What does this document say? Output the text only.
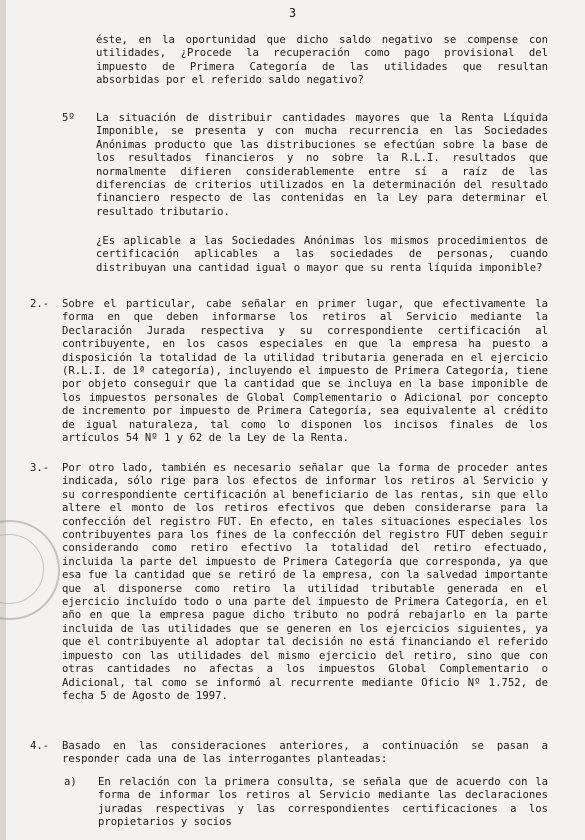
3
éste, en la oportunidad que dicho saldo negativo se compense con utilidades, ¿Procede la recuperación como pago provisional del impuesto de Primera Categoría de las utilidades que resultan absorbidas por el referido saldo negativo?
5º La situación de distribuir cantidades mayores que la Renta Líquida Imponible, se presenta y con mucha recurrencia en las Sociedades Anónimas producto que las distribuciones se efectúan sobre la base de los resultados financieros y no sobre la R.L.I. resultados que normalmente difieren considerablemente entre sí a raíz de las diferencias de criterios utilizados en la determinación del resultado financiero respecto de las contenidas en la Ley para determinar el resultado tributario.
¿Es aplicable a las Sociedades Anónimas los mismos procedimientos de certificación aplicables a las sociedades de personas, cuando distribuyan una cantidad igual o mayor que su renta líquida imponible?
2.- Sobre el particular, cabe señalar en primer lugar, que efectivamente la forma en que deben informarse los retiros al Servicio mediante la Declaración Jurada respectiva y su correspondiente certificación al contribuyente, en los casos especiales en que la empresa ha puesto a disposición la totalidad de la utilidad tributaria generada en el ejercicio (R.L.I. de 1ª categoría), incluyendo el impuesto de Primera Categoría, tiene por objeto conseguir que la cantidad que se incluya en la base imponible de los impuestos personales de Global Complementario o Adicional por concepto de incremento por impuesto de Primera Categoría, sea equivalente al crédito de igual naturaleza, tal como lo disponen los incisos finales de los artículos 54 Nº 1 y 62 de la Ley de la Renta.
3.- Por otro lado, también es necesario señalar que la forma de proceder antes indicada, sólo rige para los efectos de informar los retiros al Servicio y su correspondiente certificación al beneficiario de las rentas, sin que ello altere el monto de los retiros efectivos que deben considerarse para la confección del registro FUT. En efecto, en tales situaciones especiales los contribuyentes para los fines de la confección del registro FUT deben seguir considerando como retiro efectivo la totalidad del retiro efectuado, incluida la parte del impuesto de Primera Categoría que corresponda, ya que esa fue la cantidad que se retiró de la empresa, con la salvedad importante que al disponerse como retiro la utilidad tributable generada en el ejercicio incluído todo o una parte del impuesto de Primera Categoría, en el año en que la empresa pague dicho tributo no podrá rebajarlo en la parte incluida de las utilidades que se generen en los ejercicios siguientes, ya que el contribuyente al adoptar tal decisión no está financiando el referido impuesto con las utilidades del mismo ejercicio del retiro, sino que con otras cantidades no afectas a los impuestos Global Complementario o Adicional, tal como se informó al recurrente mediante Oficio Nº 1.752, de fecha 5 de Agosto de 1997.
4.- Basado en las consideraciones anteriores, a continuación se pasan a responder cada una de las interrogantes planteadas:
a) En relación con la primera consulta, se señala que de acuerdo con la forma de informar los retiros al Servicio mediante las declaraciones juradas respectivas y las correspondientes certificaciones a los propietarios y socios
